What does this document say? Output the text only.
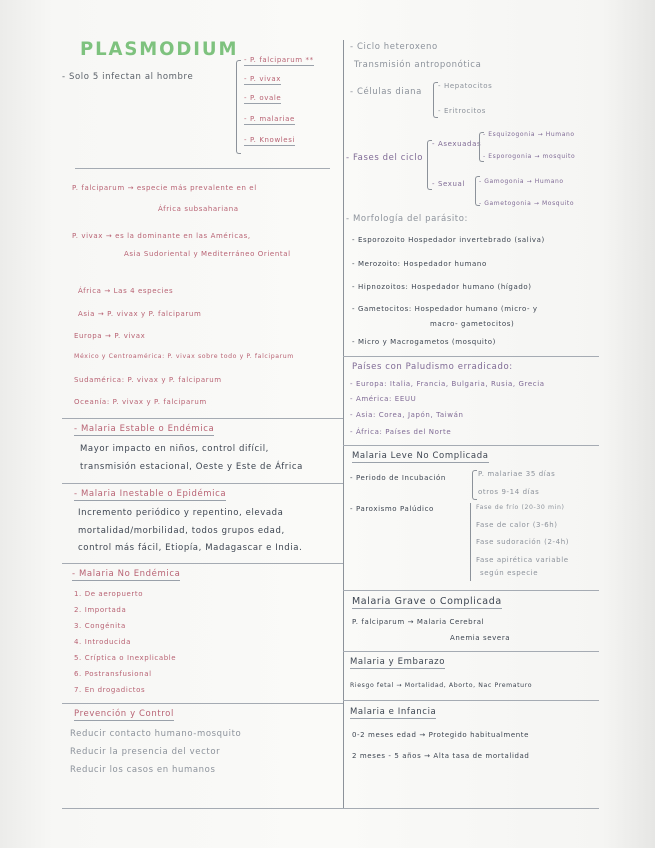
PLASMODIUM
- Solo 5 infectan al hombre
- P. falciparum **
- P. vivax
- P. ovale
- P. malariae
- P. Knowlesi
P. falciparum → especie más prevalente en el
África subsahariana
P. vivax → es la dominante en las Américas,
Asia Sudoriental y Mediterráneo Oriental
África → Las 4 especies
Asia → P. vivax y P. falciparum
Europa → P. vivax
México y Centroamérica: P. vivax sobre todo y P. falciparum
Sudamérica: P. vivax y P. falciparum
Oceanía: P. vivax y P. falciparum
- Malaria Estable o Endémica
Mayor impacto en niños, control difícil,
transmisión estacional, Oeste y Este de África
- Malaria Inestable o Epidémica
Incremento periódico y repentino, elevada
mortalidad/morbilidad, todos grupos edad,
control más fácil, Etiopía, Madagascar e India.
- Malaria No Endémica
1. De aeropuerto
2. Importada
3. Congénita
4. Introducida
5. Críptica o Inexplicable
6. Postransfusional
7. En drogadictos
Prevención y Control
Reducir contacto humano-mosquito
Reducir la presencia del vector
Reducir los casos en humanos
- Ciclo heteroxeno
Transmisión antroponótica
- Células diana
- Hepatocitos
- Eritrocitos
- Fases del ciclo
- Asexuadas
- Esquizogonia → Humano
- Esporogonia → mosquito
- Sexual - Gamogonia → Humano
- Gametogonia → Mosquito
- Morfología del parásito:
- Esporozoito Hospedador invertebrado (saliva)
- Merozoito: Hospedador humano
- Hipnozoitos: Hospedador humano (hígado)
- Gametocitos: Hospedador humano (micro- y
macro- gametocitos)
- Micro y Macrogametos (mosquito)
Países con Paludismo erradicado:
- Europa: Italia, Francia, Bulgaria, Rusia, Grecia
- América: EEUU
- Asia: Corea, Japón, Taiwán
- África: Países del Norte
Malaria Leve No Complicada
- Periodo de Incubación	P. malariae 35 días
otros 9-14 días
- Paroxismo Palúdico	Fase de frío (20-30 min)
Fase de calor (3-6h)
Fase sudoración (2-4h)
Fase apirética variable
según especie
Malaria Grave o Complicada
P. falciparum → Malaria Cerebral
Anemia severa
Malaria y Embarazo
Riesgo fetal → Mortalidad, Aborto, Nac Prematuro
Malaria e Infancia
0-2 meses edad → Protegido habitualmente
2 meses - 5 años → Alta tasa de mortalidad
